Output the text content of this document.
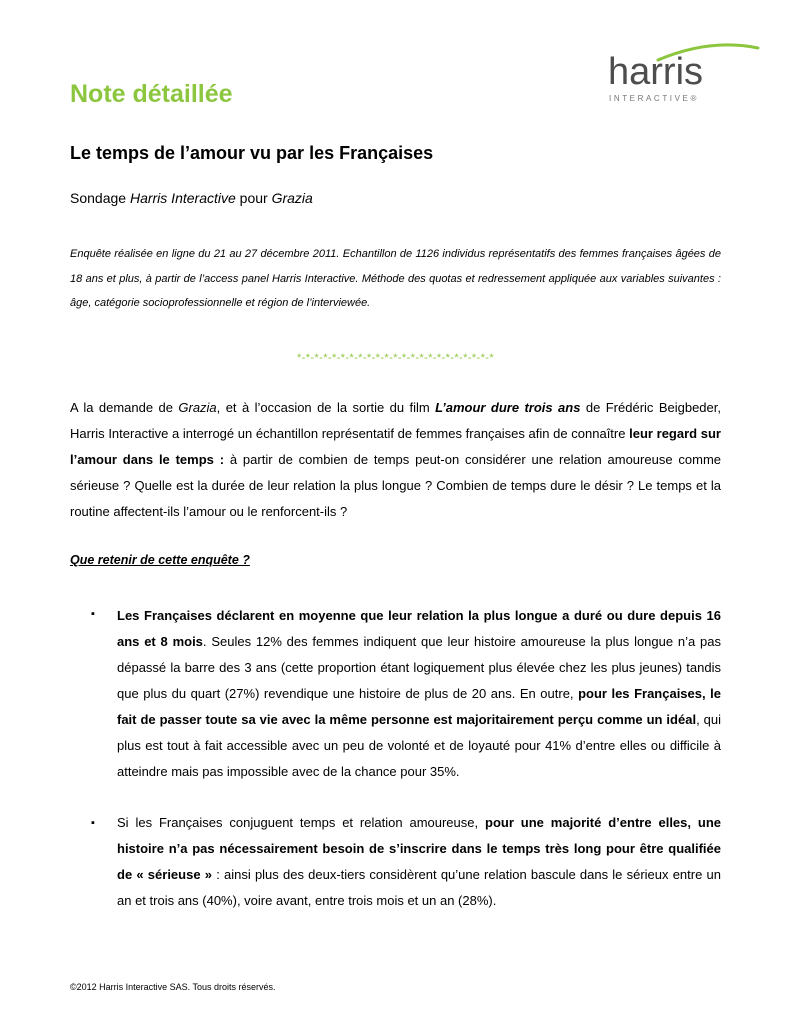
Note détaillée
harris
INTERACTIVE®
Le temps de l’amour vu par les Françaises
Sondage Harris Interactive pour Grazia
Enquête réalisée en ligne du 21 au 27 décembre 2011. Echantillon de 1126 individus représentatifs des femmes françaises âgées de 18 ans et plus, à partir de l’access panel Harris Interactive. Méthode des quotas et redressement appliquée aux variables suivantes : âge, catégorie socioprofessionnelle et région de l’interviewée.
*-*-*-*-*-*-*-*-*-*-*-*-*-*-*-*-*-*-*-*-*-*-*
A la demande de Grazia, et à l’occasion de la sortie du film L’amour dure trois ans de Frédéric Beigbeder, Harris Interactive a interrogé un échantillon représentatif de femmes françaises afin de connaître leur regard sur l’amour dans le temps : à partir de combien de temps peut-on considérer une relation amoureuse comme sérieuse ? Quelle est la durée de leur relation la plus longue ? Combien de temps dure le désir ? Le temps et la routine affectent-ils l’amour ou le renforcent-ils ?
Que retenir de cette enquête ?
▪ Les Françaises déclarent en moyenne que leur relation la plus longue a duré ou dure depuis 16 ans et 8 mois. Seules 12% des femmes indiquent que leur histoire amoureuse la plus longue n’a pas dépassé la barre des 3 ans (cette proportion étant logiquement plus élevée chez les plus jeunes) tandis que plus du quart (27%) revendique une histoire de plus de 20 ans. En outre, pour les Françaises, le fait de passer toute sa vie avec la même personne est majoritairement perçu comme un idéal, qui plus est tout à fait accessible avec un peu de volonté et de loyauté pour 41% d’entre elles ou difficile à atteindre mais pas impossible avec de la chance pour 35%.
▪ Si les Françaises conjuguent temps et relation amoureuse, pour une majorité d’entre elles, une histoire n’a pas nécessairement besoin de s’inscrire dans le temps très long pour être qualifiée de « sérieuse » : ainsi plus des deux-tiers considèrent qu’une relation bascule dans le sérieux entre un an et trois ans (40%), voire avant, entre trois mois et un an (28%).
©2012 Harris Interactive SAS. Tous droits réservés.
